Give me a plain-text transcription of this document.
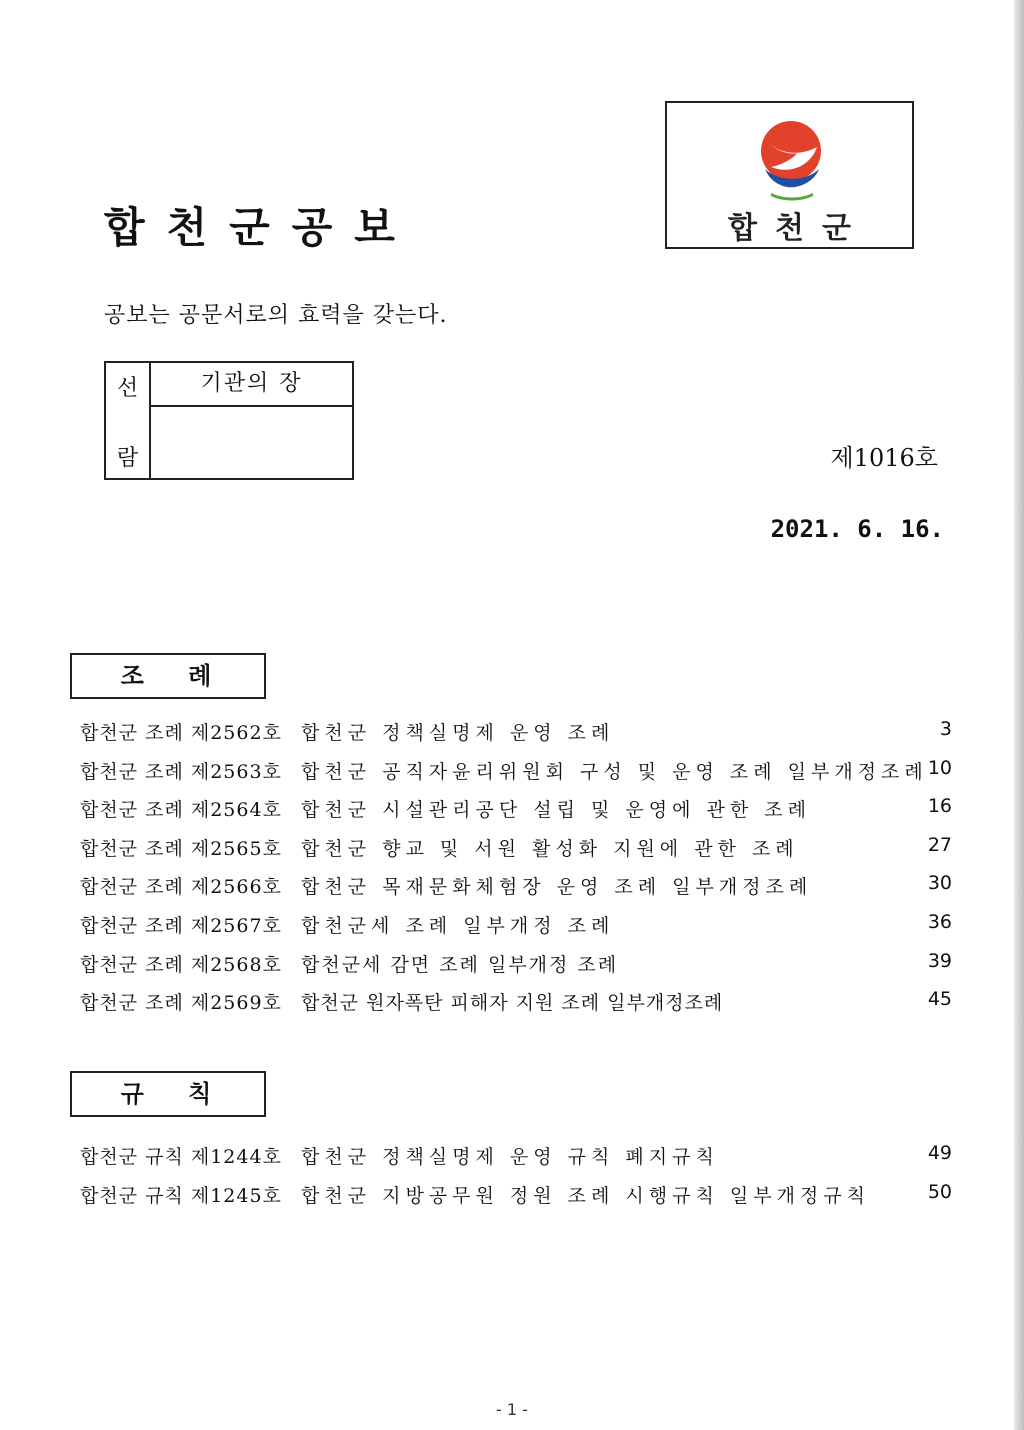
합천군공보	합천군
공보는 공문서로의 효력을 갖는다.
선
람
기관의 장
제1016호
2021. 6. 16.
조 례
합천군 조례 제2562호 합천군 정책실명제 운영 조례	3
합천군 조례 제2563호 합천군 공직자윤리위원회 구성 및 운영 조례 일부개정조례 10
합천군 조례 제2564호 합천군 시설관리공단 설립 및 운영에 관한 조례	16
합천군 조례 제2565호 합천군 향교 및 서원 활성화 지원에 관한 조례	27
합천군 조례 제2566호 합천군 목재문화체험장 운영 조례 일부개정조례	30
합천군 조례 제2567호 합천군세 조례 일부개정 조례	36
합천군 조례 제2568호 합천군세 감면 조례 일부개정 조례	39
합천군 조례 제2569호 합천군 원자폭탄 피해자 지원 조례 일부개정조례	45
규 칙
합천군 규칙 제1244호 합천군 정책실명제 운영 규칙 폐지규칙	49
합천군 규칙 제1245호 합천군 지방공무원 정원 조례 시행규칙 일부개정규칙	50
- 1 -
